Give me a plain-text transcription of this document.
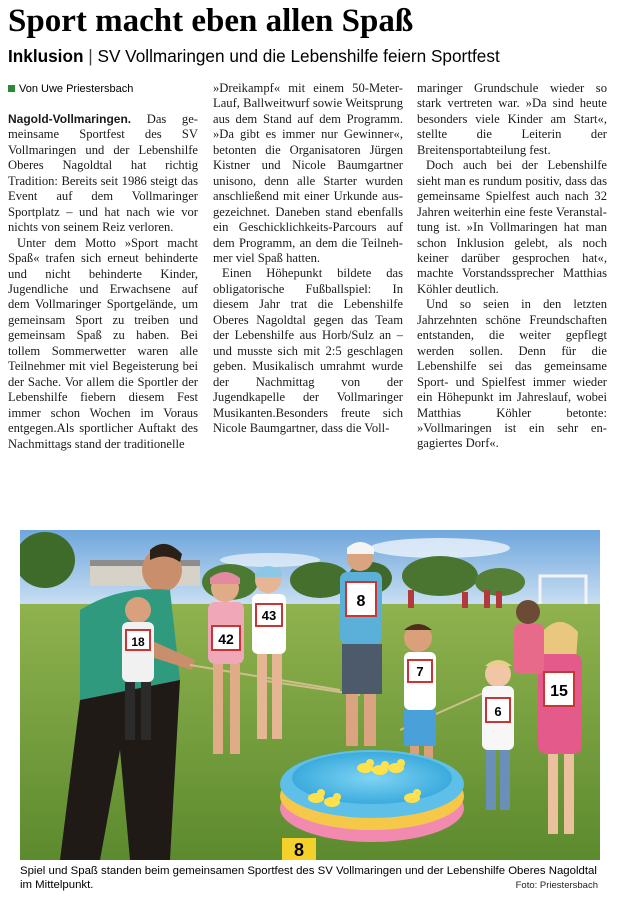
Sport macht eben allen Spaß
Inklusion | SV Vollmaringen und die Lebenshilfe feiern Sportfest
Von Uwe Priestersbach

Nagold-Vollmaringen. Das gemeinsame Sportfest des SV Vollmaringen und der Lebenshilfe Oberes Nagoldtal hat richtig Tradition: Bereits seit 1986 steigt das Event auf dem Vollmaringer Sportplatz – und hat nach wie vor nichts von seinem Reiz verloren.

Unter dem Motto »Sport macht Spaß« trafen sich erneut behinderte und nicht behinderte Kinder, Jugendliche und Erwachsene auf dem Vollmaringer Sportgelände, um gemeinsam Sport zu treiben und gemeinsam Spaß zu haben. Bei tollem Sommerwetter waren alle Teilnehmer mit viel Begeisterung bei der Sache. Vor allem die Sportler der Lebenshilfe fiebern diesem Fest immer schon Wochen im Voraus entgegen.Als sportlicher Auftakt des Nachmittags stand der traditionelle

»Dreikampf« mit einem 50-Meter-Lauf, Ballweitwurf sowie Weitsprung aus dem Stand auf dem Programm. »Da gibt es immer nur Gewinner«, betonten die Organisatoren Jürgen Kistner und Nicole Baumgartner unisono, denn alle Starter wurden anschließend mit einer Urkunde ausgezeichnet. Daneben stand ebenfalls ein Geschicklichkeits-Parcours auf dem Programm, an dem die Teilnehmer viel Spaß hatten.

Einen Höhepunkt bildete das obligatorische Fußballspiel: In diesem Jahr trat die Lebenshilfe Oberes Nagoldtal gegen das Team der Lebenshilfe aus Horb/Sulz an – und musste sich mit 2:5 geschlagen geben. Musikalisch umrahmt wurde der Nachmittag von der Jugendkapelle der Vollmaringer Musikanten.Besonders freute sich Nicole Baumgartner, dass die Voll-

maringer Grundschule wieder so stark vertreten war. »Da sind heute besonders viele Kinder am Start«, stellte die Leiterin der Breitensportabteilung fest.

Doch auch bei der Lebenshilfe sieht man es rundum positiv, dass das gemeinsame Spielfest auch nach 32 Jahren weiterhin eine feste Veranstaltung ist. »In Vollmaringen hat man schon Inklusion gelebt, als noch keiner darüber gesprochen hat«, machte Vorstandssprecher Matthias Köhler deutlich.

Und so seien in den letzten Jahrzehnten schöne Freundschaften entstanden, die weiter gepflegt werden sollen. Denn für die Lebenshilfe sei das gemeinsame Sport- und Spielfest immer wieder ein Höhepunkt im Jahreslauf, wobei Matthias Köhler betonte: »Vollmaringen ist ein sehr engagiertes Dorf«.

18	42
43
8
7
6
15
8
Spiel und Spaß standen beim gemeinsamen Sportfest des SV Vollmaringen und der Lebenshilfe Oberes Nagoldtal im Mittelpunkt.	Foto: Priestersbach
